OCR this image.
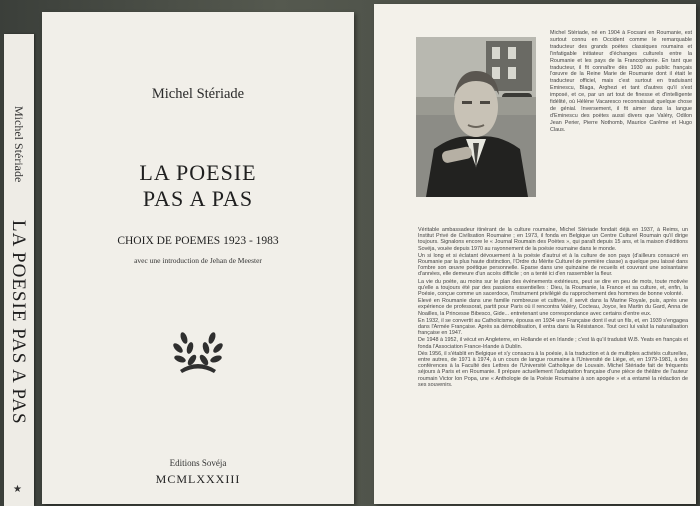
Michel Stériade
LA POESIE PAS A PAS
★
Michel Stériade
LA POESIE
PAS A PAS
CHOIX DE POEMES 1923 - 1983
avec une introduction de Jehan de Meester
Editions Sovéja
MCMLXXXIII

Michel Stériade, né en 1904 à Focsani en Roumanie, est surtout connu en Occident comme le remarquable traducteur des grands poètes classiques roumains et l'infatigable initiateur d'échanges culturels entre la Roumanie et les pays de la Francophonie. En tant que traducteur, il fit connaître dès 1930 au public français l'œuvre de la Reine Marie de Roumanie dont il était le traducteur officiel, mais c'est surtout en traduisant Eminescu, Blaga, Arghezi et tant d'autres qu'il s'est imposé, et ce, par un art tout de finesse et d'intelligente fidélité, où Hélène Vacaresco reconnaissait quelque chose de génial. Inversement, il fit aimer dans la langue d'Eminescu des poètes aussi divers que Valéry, Odilon Jean Perier, Pierre Nothomb, Maurice Carême et Hugo Claus.

Véritable ambassadeur itinérant de la culture roumaine, Michel Stériade fondait déjà en 1937, à Reims, un Institut Privé de Civilisation Roumaine ; en 1973, il fonda en Belgique un Centre Culturel Roumain qu'il dirige toujours. Signalons encore le « Journal Roumain des Poètes », qui paraît depuis 15 ans, et la maison d'éditions Sovéja, vouée depuis 1970 au rayonnement de la poésie roumaine dans le monde.

Un si long et si éclatant dévouement à la poésie d'autrui et à la culture de son pays (d'ailleurs consacré en Roumanie par la plus haute distinction, l'Ordre du Mérite Culturel de première classe) a quelque peu laissé dans l'ombre son œuvre poétique personnelle. Eparse dans une quinzaine de recueils et couvrant une soixantaine d'années, elle demeure d'un accès difficile ; on a tenté ici d'en rassembler la fleur.

La vie du poète, au moins sur le plan des événements extérieurs, peut se dire en peu de mots, toute motivée qu'elle a toujours été par des passions essentielles : Dieu, la Roumanie, la France et sa culture, et, enfin, la Poésie, conçue comme un sacerdoce, l'instrument privilégié du rapprochement des hommes de bonne volonté.

Elevé en Roumanie dans une famille nombreuse et cultivée, il servit dans la Marine Royale, puis, après une expérience de professorat, partit pour Paris où il rencontra Valéry, Cocteau, Joyce, les Martin du Gard, Anna de Noailles, la Princesse Bibesco, Gide... entretenant une correspondance avec certains d'entre eux.

En 1932, il se convertit au Catholicisme, épousa en 1934 une Française dont il eut un fils, et, en 1939 s'engagea dans l'Armée Française. Après sa démobilisation, il entra dans la Résistance. Tout ceci lui valut la naturalisation française en 1947.

De 1948 à 1952, il vécut en Angleterre, en Hollande et en Irlande ; c'est là qu'il traduisit W.B. Yeats en français et fonda l'Association France-Irlande à Dublin.

Dès 1956, il s'établit en Belgique et s'y consacra à la poésie, à la traduction et à de multiples activités culturelles, entre autres, de 1971 à 1974, à un cours de langue roumaine à l'Université de Liège, et, en 1979-1981, à des conférences à la Faculté des Lettres de l'Université Catholique de Louvain. Michel Stériade fait de fréquents séjours à Paris et en Roumanie. Il prépare actuellement l'adaptation française d'une pièce de théâtre de l'auteur roumain Victor Ion Popa, une « Anthologie de la Poésie Roumaine à son apogée » et a entamé la rédaction de ses souvenirs.
